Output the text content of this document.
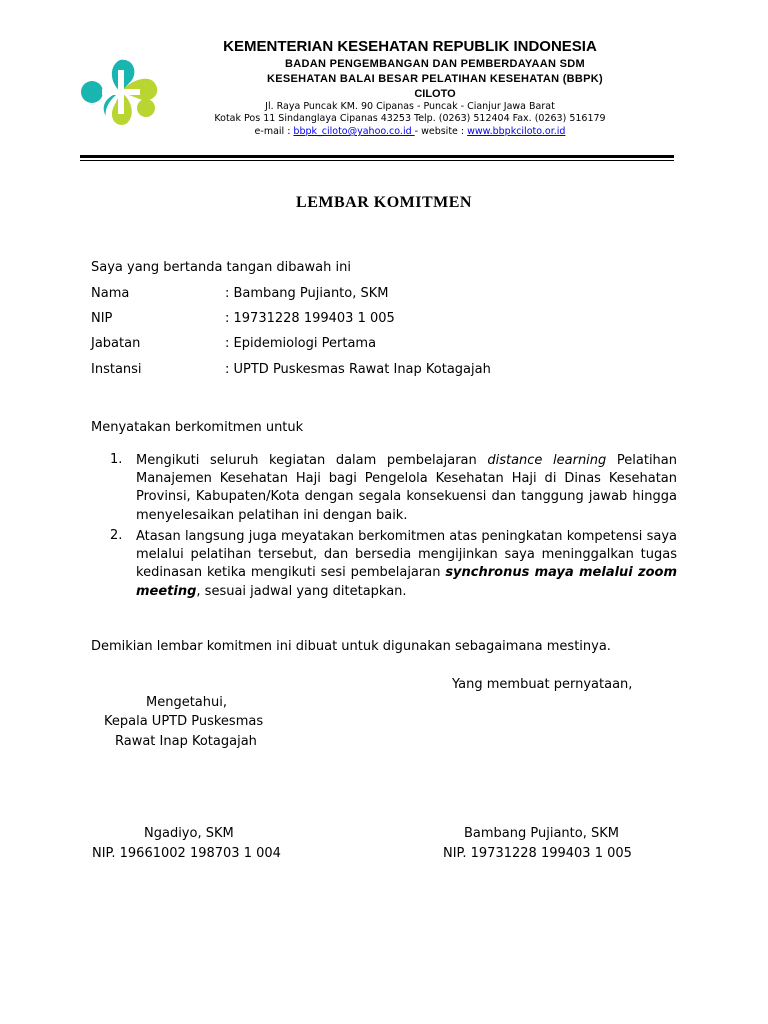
KEMENTERIAN KESEHATAN REPUBLIK INDONESIA
BADAN PENGEMBANGAN DAN PEMBERDAYAAN SDM
KESEHATAN BALAI BESAR PELATIHAN KESEHATAN (BBPK)
CILOTO
Jl. Raya Puncak KM. 90 Cipanas - Puncak - Cianjur Jawa Barat
Kotak Pos 11 Sindanglaya Cipanas 43253 Telp. (0263) 512404 Fax. (0263) 516179
e-mail : bbpk_ciloto@yahoo.co.id - website : www.bbpkciloto.or.id
LEMBAR KOMITMEN
Saya yang bertanda tangan dibawah ini
Nama	: Bambang Pujianto, SKM
NIP	: 19731228 199403 1 005
Jabatan	: Epidemiologi Pertama
Instansi	: UPTD Puskesmas Rawat Inap Kotagajah
Menyatakan berkomitmen untuk
1. Mengikuti seluruh kegiatan dalam pembelajaran distance learning Pelatihan Manajemen Kesehatan Haji bagi Pengelola Kesehatan Haji di Dinas Kesehatan Provinsi, Kabupaten/Kota dengan segala konsekuensi dan tanggung jawab hingga menyelesaikan pelatihan ini dengan baik.
2. Atasan langsung juga meyatakan berkomitmen atas peningkatan kompetensi saya melalui pelatihan tersebut, dan bersedia mengijinkan saya meninggalkan tugas kedinasan ketika mengikuti sesi pembelajaran synchronus maya melalui zoom meeting, sesuai jadwal yang ditetapkan.
Demikian lembar komitmen ini dibuat untuk digunakan sebagaimana mestinya.
Yang membuat pernyataan,
Mengetahui,
Kepala UPTD Puskesmas
Rawat Inap Kotagajah
Ngadiyo, SKM
NIP. 19661002 198703 1 004
Bambang Pujianto, SKM
NIP. 19731228 199403 1 005
